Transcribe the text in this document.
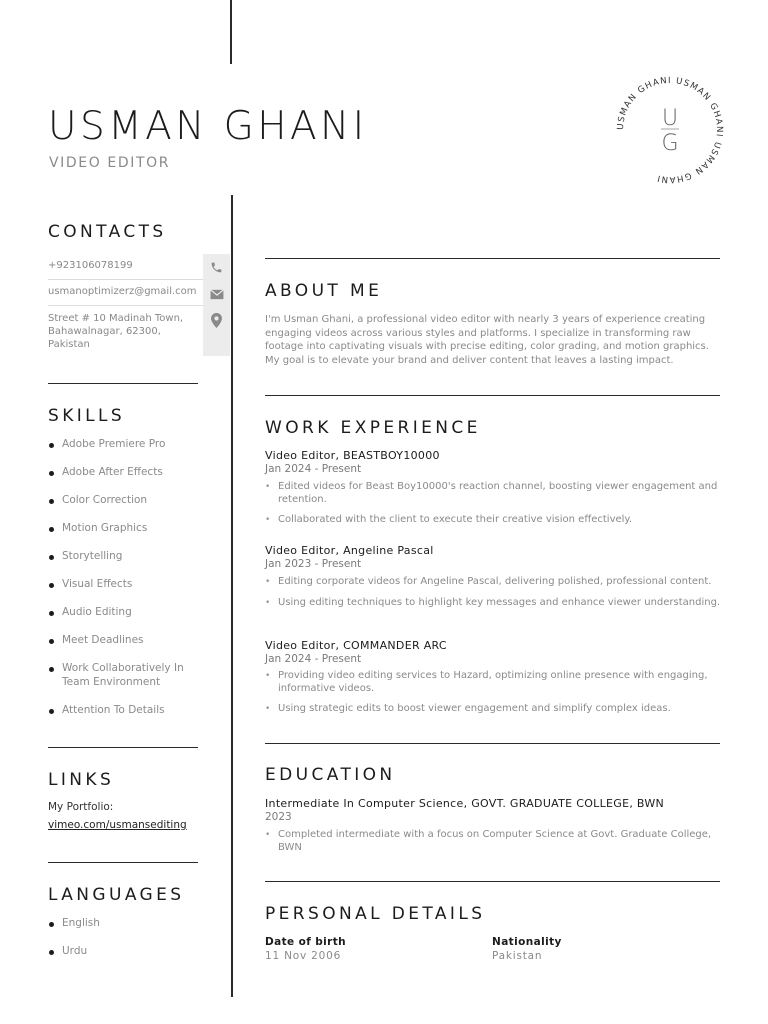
USMAN GHANI
VIDEO EDITOR
USMAN GHANI USMAN GHANI USMAN GHANI
U
G
CONTACTS
+923106078199
usmanoptimizerz@gmail.com
Street # 10 Madinah Town,
Bahawalnagar, 62300,
Pakistan
SKILLS
Adobe Premiere Pro
Adobe After Effects
Color Correction
Motion Graphics
Storytelling
Visual Effects
Audio Editing
Meet Deadlines
Work Collaboratively In Team Environment
Attention To Details
LINKS
My Portfolio:
vimeo.com/usmansediting
LANGUAGES
English
Urdu
ABOUT ME
I'm Usman Ghani, a professional video editor with nearly 3 years of experience creating engaging videos across various styles and platforms. I specialize in transforming raw footage into captivating visuals with precise editing, color grading, and motion graphics. My goal is to elevate your brand and deliver content that leaves a lasting impact.
WORK EXPERIENCE
Video Editor, BEASTBOY10000
Jan 2024 - Present
• Edited videos for Beast Boy10000's reaction channel, boosting viewer engagement and retention.
• Collaborated with the client to execute their creative vision effectively.
Video Editor, Angeline Pascal
Jan 2023 - Present
• Editing corporate videos for Angeline Pascal, delivering polished, professional content.
• Using editing techniques to highlight key messages and enhance viewer understanding.
Video Editor, COMMANDER ARC
Jan 2024 - Present
• Providing video editing services to Hazard, optimizing online presence with engaging, informative videos.
• Using strategic edits to boost viewer engagement and simplify complex ideas.
EDUCATION
Intermediate In Computer Science, GOVT. GRADUATE COLLEGE, BWN
2023
• Completed intermediate with a focus on Computer Science at Govt. Graduate College, BWN
PERSONAL DETAILS
Date of birth
11 Nov 2006
Nationality
Pakistan
